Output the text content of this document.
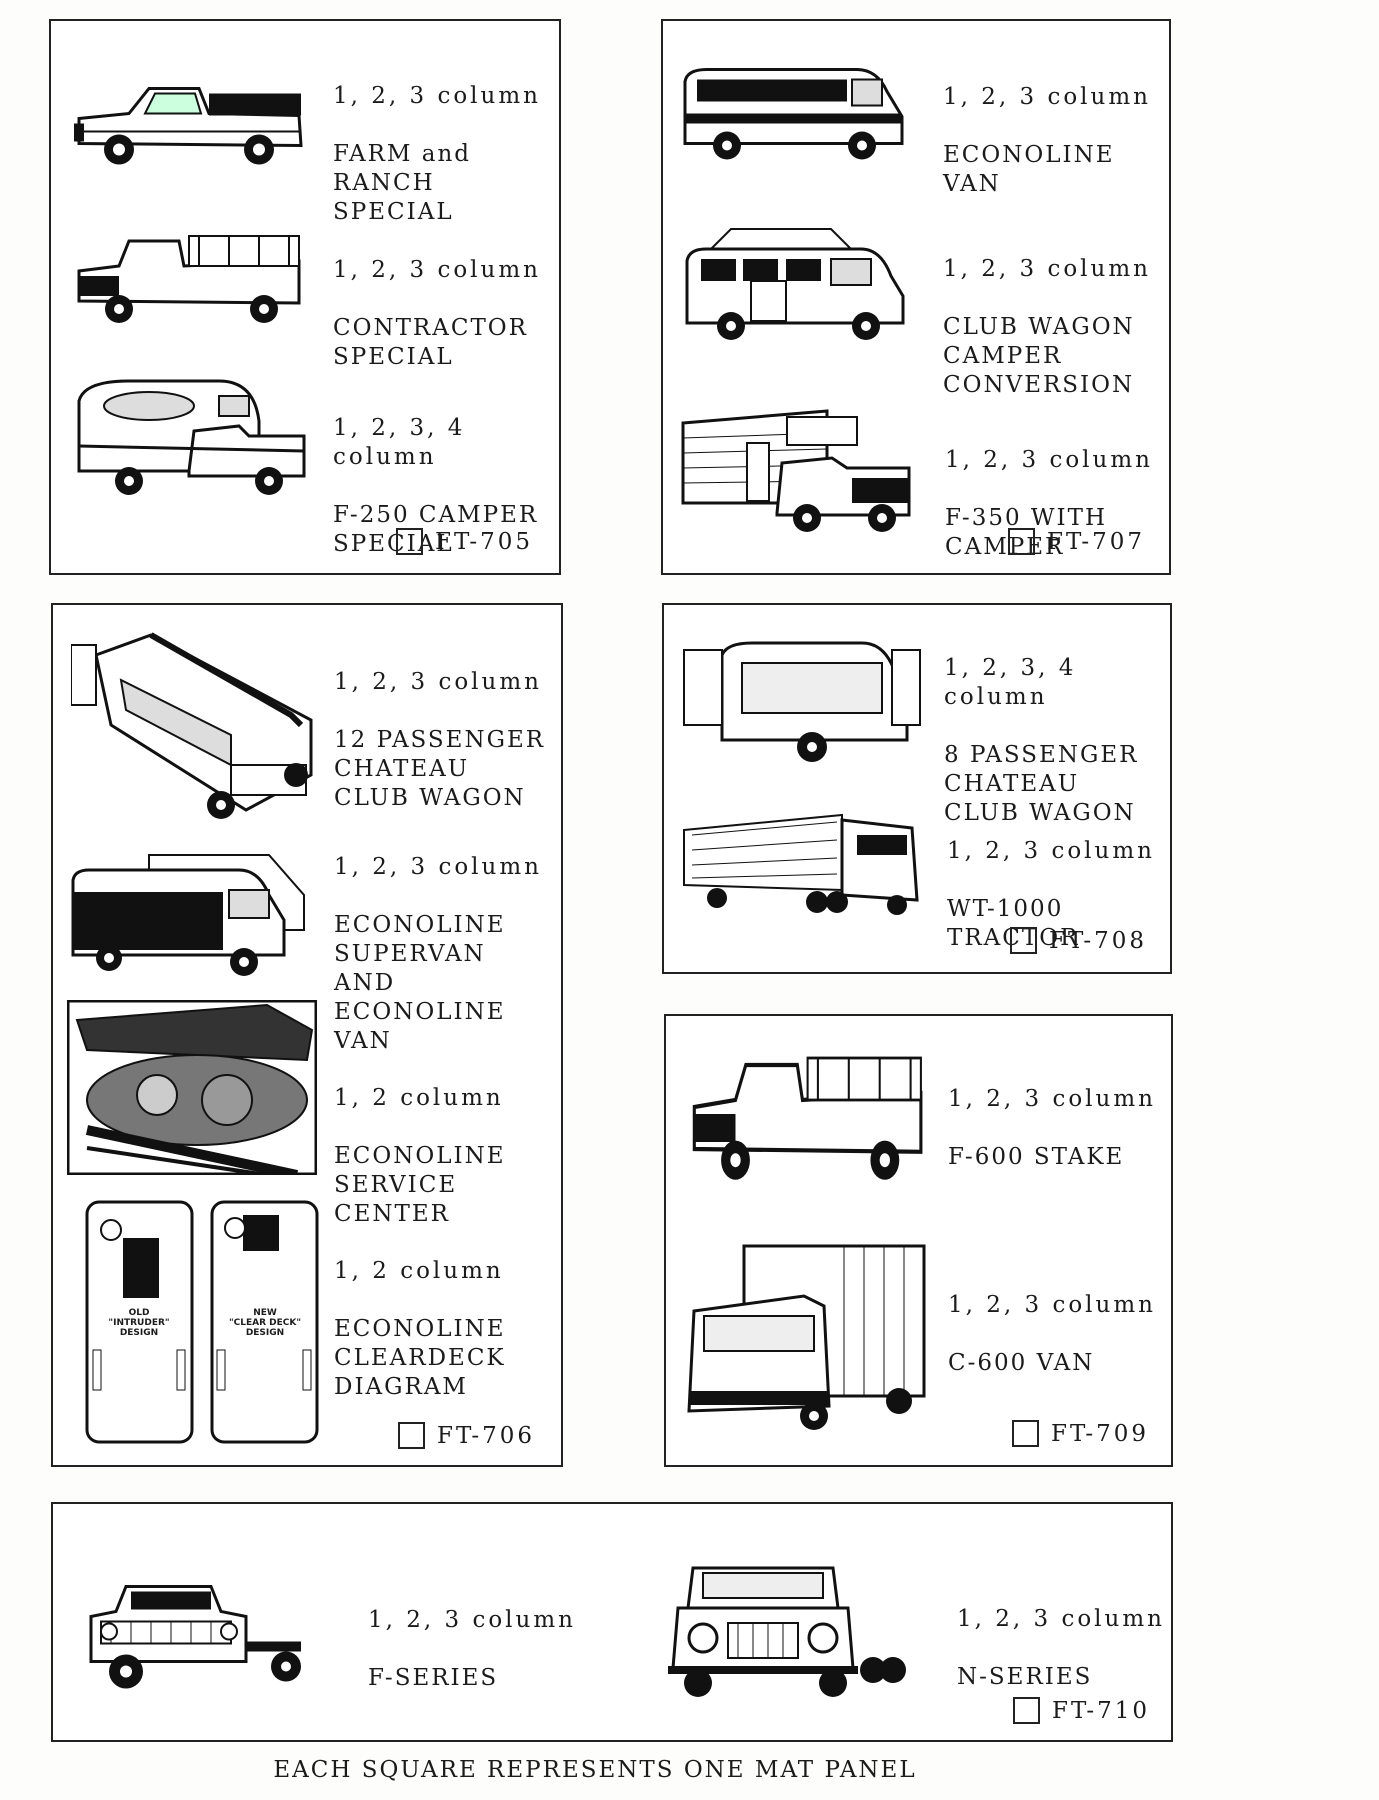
1, 2, 3 column

FARM and
RANCH
SPECIAL

1, 2, 3 column

CONTRACTOR
SPECIAL

1, 2, 3, 4 column

F-250 CAMPER
SPECIAL

FT-705

1, 2, 3 column

ECONOLINE
VAN

1, 2, 3 column

CLUB WAGON
CAMPER
CONVERSION

1, 2, 3 column

F-350 WITH
CAMPER

FT-707

1, 2, 3 column

12 PASSENGER
CHATEAU
CLUB WAGON

1, 2, 3 column

ECONOLINE
SUPERVAN
AND
ECONOLINE
VAN

1, 2 column

ECONOLINE
SERVICE
CENTER

OLD
"INTRUDER"
DESIGN
NEW
"CLEAR DECK"
DESIGN

1, 2 column

ECONOLINE
CLEARDECK
DIAGRAM

FT-706

1, 2, 3, 4 column

8 PASSENGER
CHATEAU
CLUB WAGON

1, 2, 3 column

WT-1000
TRACTOR

FT-708

1, 2, 3 column

F-600 STAKE

1, 2, 3 column

C-600 VAN

FT-709

1, 2, 3 column

F-SERIES

1, 2, 3 column

N-SERIES

FT-710
EACH SQUARE REPRESENTS ONE MAT PANEL
